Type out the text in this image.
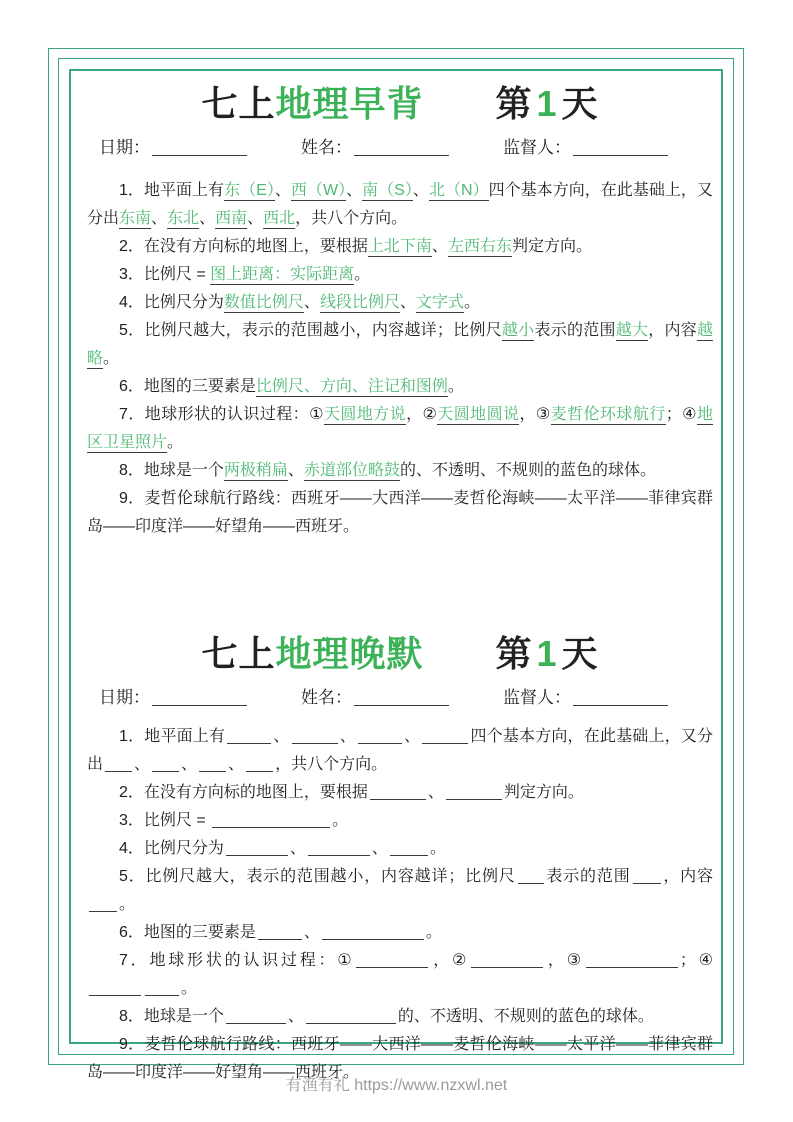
七上地理早背 第 1 天
日期：	姓名：	监督人：

1．地平面上有东（E）、西（W）、南（S）、北（N）四个基本方向，在此基础上，又分出东南、东北、西南、西北，共八个方向。

2．在没有方向标的地图上，要根据上北下南、左西右东判定方向。

3．比例尺 = 图上距离：实际距离。

4．比例尺分为数值比例尺、线段比例尺、文字式。

5．比例尺越大，表示的范围越小，内容越详；比例尺越小表示的范围越大，内容越略。

6．地图的三要素是比例尺、方向、注记和图例。

7．地球形状的认识过程：①天圆地方说，②天圆地圆说，③麦哲伦环球航行；④地区卫星照片。

8．地球是一个两极稍扁、赤道部位略鼓的、不透明、不规则的蓝色的球体。

9．麦哲伦球航行路线：西班牙——大西洋——麦哲伦海峡——太平洋——菲律宾群岛——印度洋——好望角——西班牙。

七上地理晚默 第 1 天
日期：	姓名：	监督人：

1．地平面上有	、	、	、	四个基本方向，在此基础上，又分出 、 、 、 ，共八个方向。

2．在没有方向标的地图上，要根据	、	判定方向。

3．比例尺 =	。

4．比例尺分为	、	、	。

5．比例尺越大，表示的范围越小，内容越详；比例尺 表示的范围 ，内容。

6．地图的三要素是	、	。

7．地球形状的认识过程：①	，②	，③	；④。

8．地球是一个	、	的、不透明、不规则的蓝色的球体。

9．麦哲伦球航行路线：西班牙——大西洋——麦哲伦海峡——太平洋——菲律宾群岛——印度洋——好望角——西班牙。

有渔有礼 https://www.nzxwl.net
